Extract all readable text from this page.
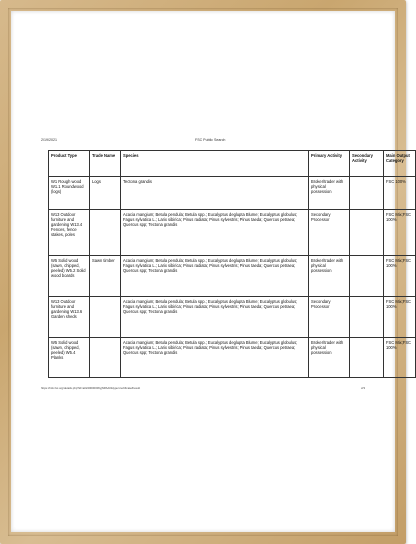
2/19/2021	FSC Public Search
Product Type	Trade Name	Species	Primary Activity	Secondary Activity	Main Output Category
W1 Rough wood W1.1 Roundwood (logs)	Logs	Tectona grandis	Broker/trader with physical possession		FSC 100%
W13 Outdoor furniture and gardening W13.4 Fences, fence stakes, poles		Acacia mangium; Betula pendula; Betula spp.; Eucalyptus deglupta Blume; Eucalyptus globulus; Fagus sylvatica L.; Larix sibirica; Pinus radiata; Pinus sylvestris; Pinus taeda; Quercus petraea; Quercus spp; Tectona grandis	Secondary Processor		FSC Mix;FSC 100%
W5 Solid wood (sawn, chipped, peeled) W5.2 Solid wood boards	Sawn timber	Acacia mangium; Betula pendula; Betula spp.; Eucalyptus deglupta Blume; Eucalyptus globulus; Fagus sylvatica L.; Larix sibirica; Pinus radiata; Pinus sylvestris; Pinus taeda; Quercus petraea; Quercus spp; Tectona grandis	Broker/trader with physical possession		FSC Mix;FSC 100%
W13 Outdoor furniture and gardening W13.6 Garden sheds		Acacia mangium; Betula pendula; Betula spp.; Eucalyptus deglupta Blume; Eucalyptus globulus; Fagus sylvatica L.; Larix sibirica; Pinus radiata; Pinus sylvestris; Pinus taeda; Quercus petraea; Quercus spp; Tectona grandis	Secondary Processor		FSC Mix;FSC 100%
W5 Solid wood (sawn, chipped, peeled) W5.4 Planks		Acacia mangium; Betula pendula; Betula spp.; Eucalyptus deglupta Blume; Eucalyptus globulus; Fagus sylvatica L.; Larix sibirica; Pinus radiata; Pinus sylvestris; Pinus taeda; Quercus petraea; Quercus spp; Tectona grandis	Broker/trader with physical possession		FSC Mix;FSC 100%
https://info.fsc.org/details.php?id=a0240000006yjNPAA0&type=certificate#result	2/3
